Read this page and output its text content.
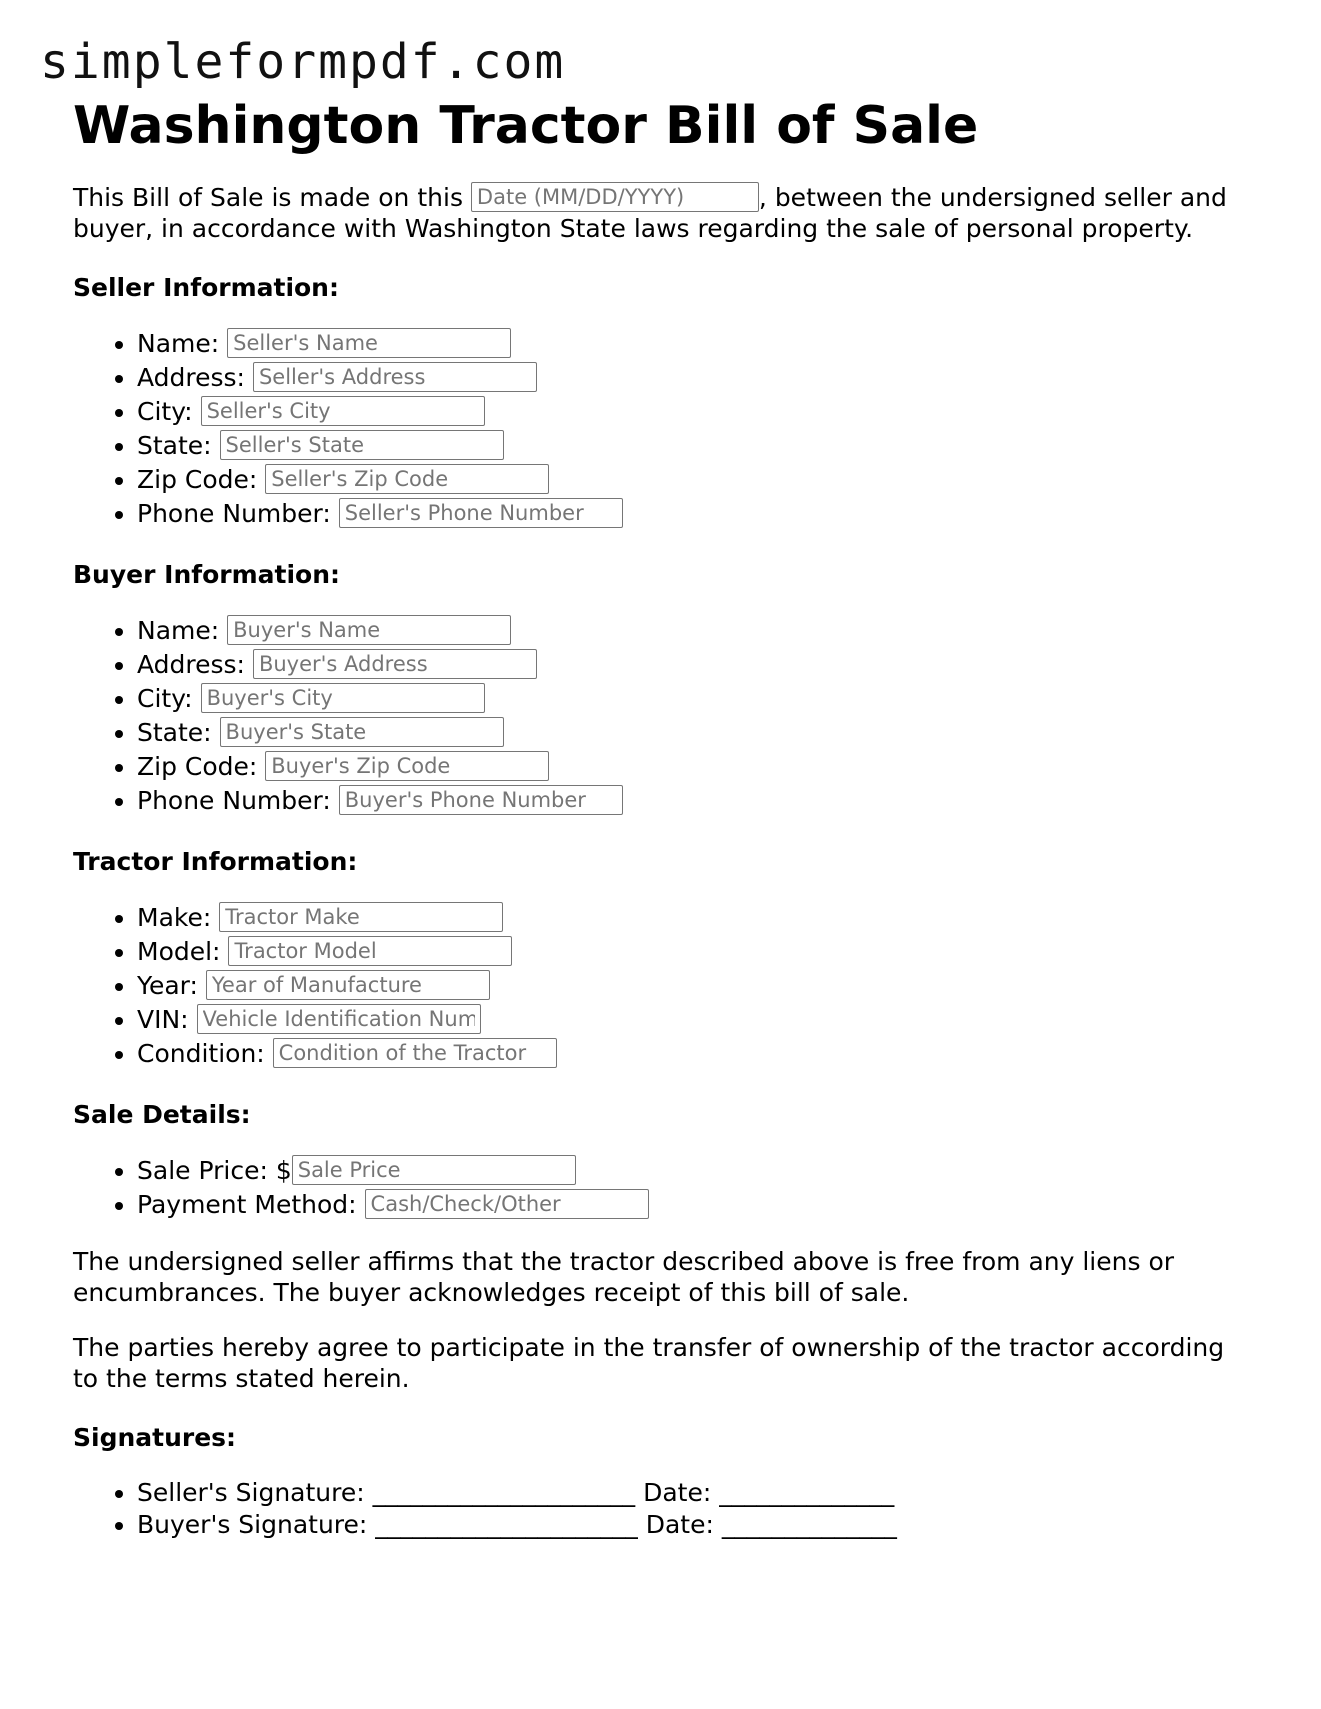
simpleformpdf.com
Washington Tractor Bill of Sale

This Bill of Sale is made on this Date (MM/DD/YYYY)	, between the undersigned seller and buyer, in accordance with Washington State laws regarding the sale of personal property.

Seller Information:
• Name: Seller's Name
• Address: Seller's Address
• City: Seller's City
• State: Seller's State
• Zip Code: Seller's Zip Code
• Phone Number: Seller's Phone Number
Buyer Information:
• Name: Buyer's Name
• Address: Buyer's Address
• City: Buyer's City
• State: Buyer's State
• Zip Code: Buyer's Zip Code
• Phone Number: Buyer's Phone Number
Tractor Information:
• Make: Tractor Make
• Model: Tractor Model
• Year: Year of Manufacture
• VIN: Vehicle Identification Num
• Condition: Condition of the Tractor
Sale Details:
• Sale Price: $Sale Price
• Payment Method: Cash/Check/Other

The undersigned seller affirms that the tractor described above is free from any liens or encumbrances. The buyer acknowledges receipt of this bill of sale.

The parties hereby agree to participate in the transfer of ownership of the tractor according to the terms stated herein.

Signatures:
• Seller's Signature: _____________________ Date: ______________
• Buyer's Signature: _____________________ Date: ______________
